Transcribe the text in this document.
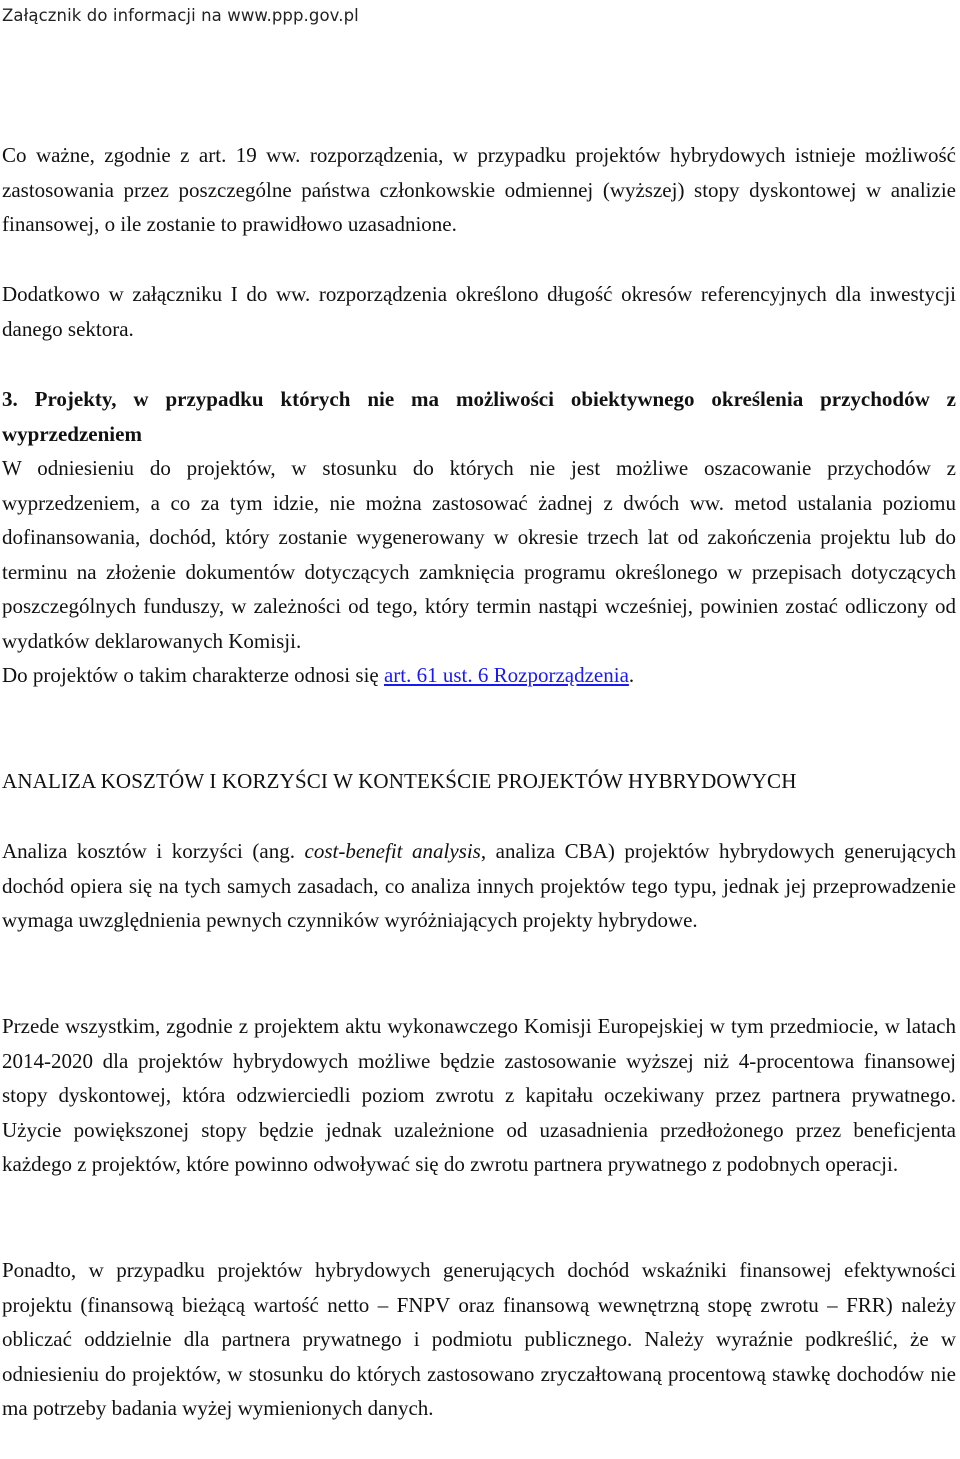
Załącznik do informacji na www.ppp.gov.pl

Co ważne, zgodnie z art. 19 ww. rozporządzenia, w przypadku projektów hybrydowych istnieje możliwość zastosowania przez poszczególne państwa członkowskie odmiennej (wyższej) stopy dyskontowej w analizie finansowej, o ile zostanie to prawidłowo uzasadnione.

Dodatkowo w załączniku I do ww. rozporządzenia określono długość okresów referencyjnych dla inwestycji danego sektora.

3. Projekty, w przypadku których nie ma możliwości obiektywnego określenia przychodów z wyprzedzeniem

W odniesieniu do projektów, w stosunku do których nie jest możliwe oszacowanie przychodów z wyprzedzeniem, a co za tym idzie, nie można zastosować żadnej z dwóch ww. metod ustalania poziomu dofinansowania, dochód, który zostanie wygenerowany w okresie trzech lat od zakończenia projektu lub do terminu na złożenie dokumentów dotyczących zamknięcia programu określonego w przepisach dotyczących poszczególnych funduszy, w zależności od tego, który termin nastąpi wcześniej, powinien zostać odliczony od wydatków deklarowanych Komisji.

Do projektów o takim charakterze odnosi się art. 61 ust. 6 Rozporządzenia.

ANALIZA KOSZTÓW I KORZYŚCI W KONTEKŚCIE PROJEKTÓW HYBRYDOWYCH

Analiza kosztów i korzyści (ang. cost-benefit analysis, analiza CBA) projektów hybrydowych generujących dochód opiera się na tych samych zasadach, co analiza innych projektów tego typu, jednak jej przeprowadzenie wymaga uwzględnienia pewnych czynników wyróżniających projekty hybrydowe.

Przede wszystkim, zgodnie z projektem aktu wykonawczego Komisji Europejskiej w tym przedmiocie, w latach 2014-2020 dla projektów hybrydowych możliwe będzie zastosowanie wyższej niż 4-procentowa finansowej stopy dyskontowej, która odzwierciedli poziom zwrotu z kapitału oczekiwany przez partnera prywatnego. Użycie powiększonej stopy będzie jednak uzależnione od uzasadnienia przedłożonego przez beneficjenta każdego z projektów, które powinno odwoływać się do zwrotu partnera prywatnego z podobnych operacji.

Ponadto, w przypadku projektów hybrydowych generujących dochód wskaźniki finansowej efektywności projektu (finansową bieżącą wartość netto – FNPV oraz finansową wewnętrzną stopę zwrotu – FRR) należy obliczać oddzielnie dla partnera prywatnego i podmiotu publicznego. Należy wyraźnie podkreślić, że w odniesieniu do projektów, w stosunku do których zastosowano zryczałtowaną procentową stawkę dochodów nie ma potrzeby badania wyżej wymienionych danych.
